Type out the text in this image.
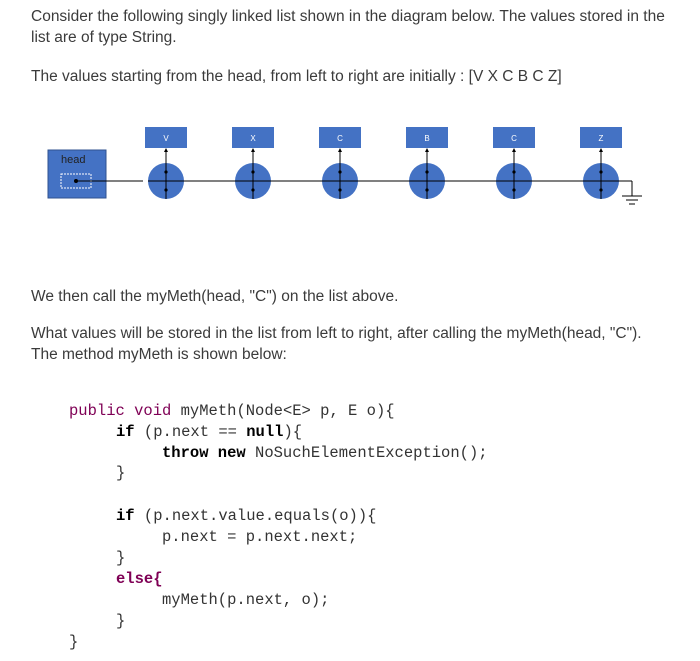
Consider the following singly linked list shown in the diagram below. The values stored in the list are of type String.

The values starting from the head, from left to right are initially : [V X C B C Z]

V	X	C	B	C	Z
head

We then call the myMeth(head, "C") on the list above.

What values will be stored in the list from left to right, after calling the myMeth(head, "C"). The method myMeth is shown below:

public void myMeth(Node<E> p, E o){

if (p.next == null){

throw new NoSuchElementException();

}

if (p.next.value.equals(o)){

p.next = p.next.next;

}

else{

myMeth(p.next, o);

}

}
